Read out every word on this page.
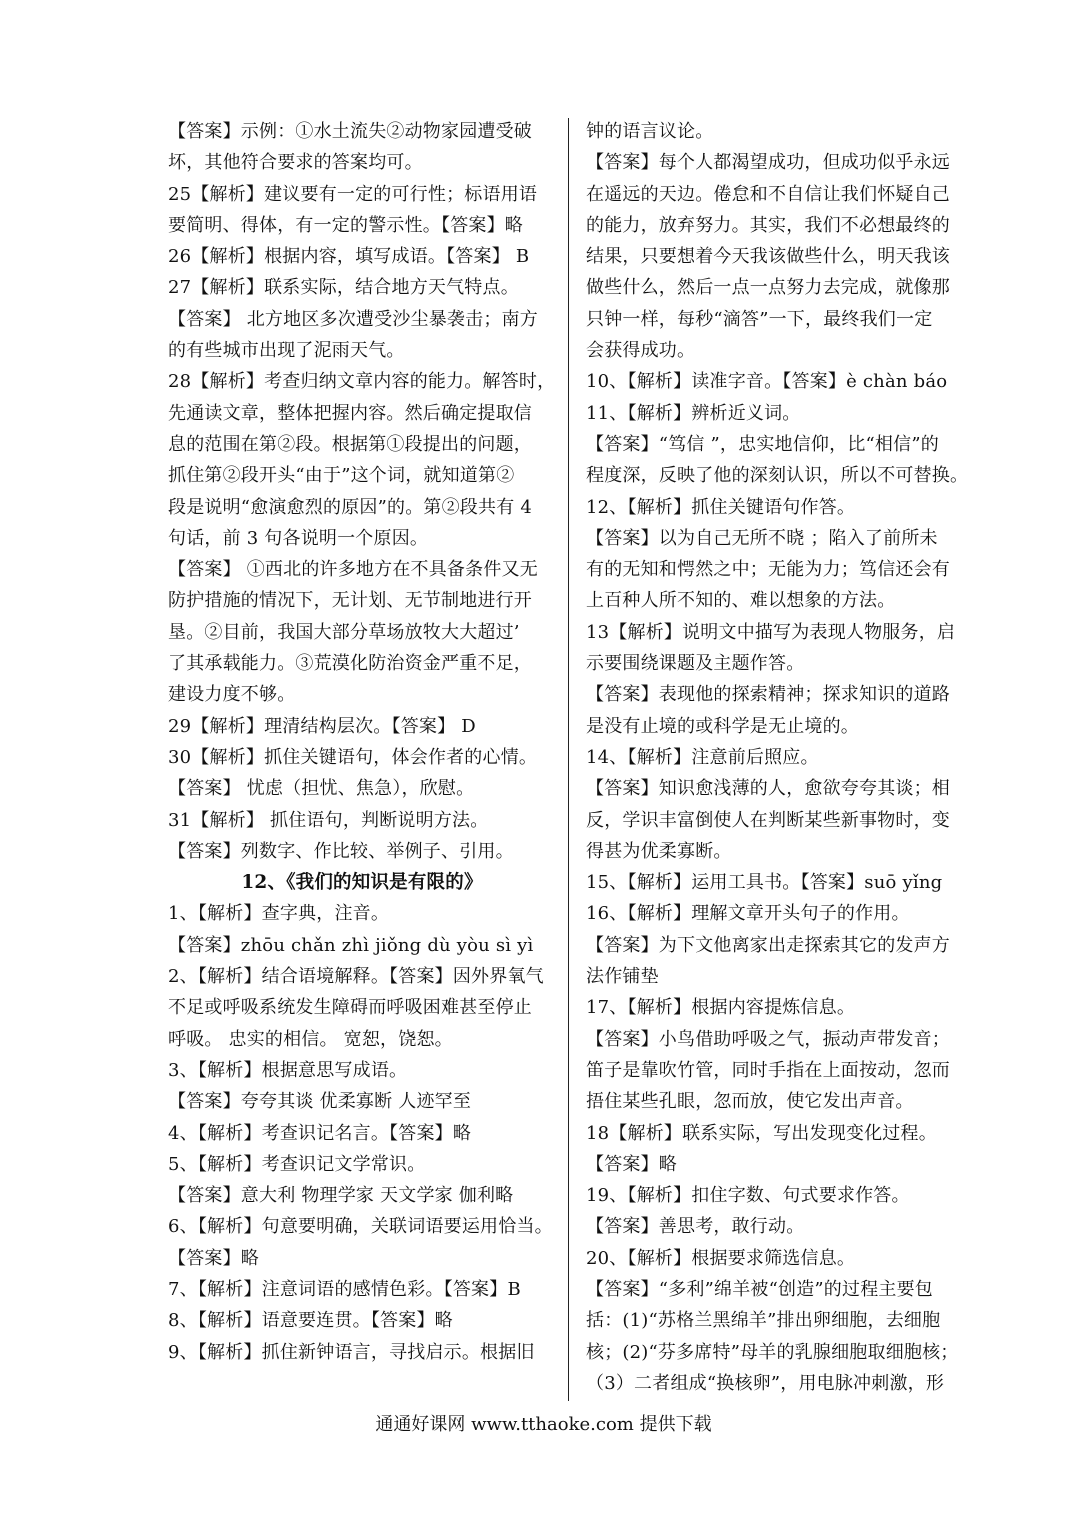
【答案】示例：①水土流失②动物家园遭受破
坏，其他符合要求的答案均可。
25【解析】建议要有一定的可行性；标语用语
要简明、得体，有一定的警示性。【答案】略
26【解析】根据内容，填写成语。【答案】 B
27【解析】联系实际，结合地方天气特点。
【答案】 北方地区多次遭受沙尘暴袭击；南方
的有些城市出现了泥雨天气。
28【解析】考查归纳文章内容的能力。解答时，
先通读文章，整体把握内容。然后确定提取信
息的范围在第②段。根据第①段提出的问题，
抓住第②段开头“由于”这个词，就知道第②
段是说明“愈演愈烈的原因”的。第②段共有 4
句话，前 3 句各说明一个原因。
【答案】 ①西北的许多地方在不具备条件又无
防护措施的情况下，无计划、无节制地进行开
垦。②目前，我国大部分草场放牧大大超过’
了其承载能力。③荒漠化防治资金严重不足，
建设力度不够。
29【解析】理清结构层次。【答案】 D
30【解析】抓住关键语句，体会作者的心情。
【答案】 忧虑（担忧、焦急），欣慰。
31【解析】 抓住语句，判断说明方法。
【答案】列数字、作比较、举例子、引用。
12、《我们的知识是有限的》
1、【解析】查字典，注音。
【答案】zhōu chǎn zhì jiǒng dù yòu sì yì
2、【解析】结合语境解释。【答案】因外界氧气
不足或呼吸系统发生障碍而呼吸困难甚至停止
呼吸。 忠实的相信。 宽恕，饶恕。
3、【解析】根据意思写成语。
【答案】夸夸其谈 优柔寡断 人迹罕至
4、【解析】考查识记名言。【答案】略
5、【解析】考查识记文学常识。
【答案】意大利 物理学家 天文学家 伽利略
6、【解析】句意要明确，关联词语要运用恰当。
【答案】略
7、【解析】注意词语的感情色彩。【答案】B
8、【解析】语意要连贯。【答案】略
9、【解析】抓住新钟语言，寻找启示。根据旧
钟的语言议论。
【答案】每个人都渴望成功，但成功似乎永远
在遥远的天边。倦怠和不自信让我们怀疑自己
的能力，放弃努力。其实，我们不必想最终的
结果，只要想着今天我该做些什么，明天我该
做些什么，然后一点一点努力去完成，就像那
只钟一样，每秒“滴答”一下，最终我们一定
会获得成功。
10、【解析】读准字音。【答案】è chàn báo
11、【解析】辨析近义词。
【答案】“笃信 ”，忠实地信仰，比“相信”的
程度深，反映了他的深刻认识，所以不可替换。
12、【解析】抓住关键语句作答。
【答案】以为自己无所不晓 ；陷入了前所未
有的无知和愕然之中；无能为力；笃信还会有
上百种人所不知的、难以想象的方法。
13【解析】说明文中描写为表现人物服务，启
示要围绕课题及主题作答。
【答案】表现他的探索精神；探求知识的道路
是没有止境的或科学是无止境的。
14、【解析】注意前后照应。
【答案】知识愈浅薄的人，愈欲夸夸其谈；相
反，学识丰富倒使人在判断某些新事物时，变
得甚为优柔寡断。
15、【解析】运用工具书。【答案】suō yǐng
16、【解析】理解文章开头句子的作用。
【答案】为下文他离家出走探索其它的发声方
法作铺垫
17、【解析】根据内容提炼信息。
【答案】小鸟借助呼吸之气，振动声带发音；
笛子是靠吹竹管，同时手指在上面按动，忽而
捂住某些孔眼，忽而放，使它发出声音。
18【解析】联系实际，写出发现变化过程。
【答案】略
19、【解析】扣住字数、句式要求作答。
【答案】善思考，敢行动。
20、【解析】根据要求筛选信息。
【答案】“多利”绵羊被“创造”的过程主要包
括：(1)“苏格兰黑绵羊”排出卵细胞，去细胞
核；(2)“芬多席特”母羊的乳腺细胞取细胞核；
（3）二者组成“换核卵”，用电脉冲刺激，形
通通好课网 www.tthaoke.com 提供下载
